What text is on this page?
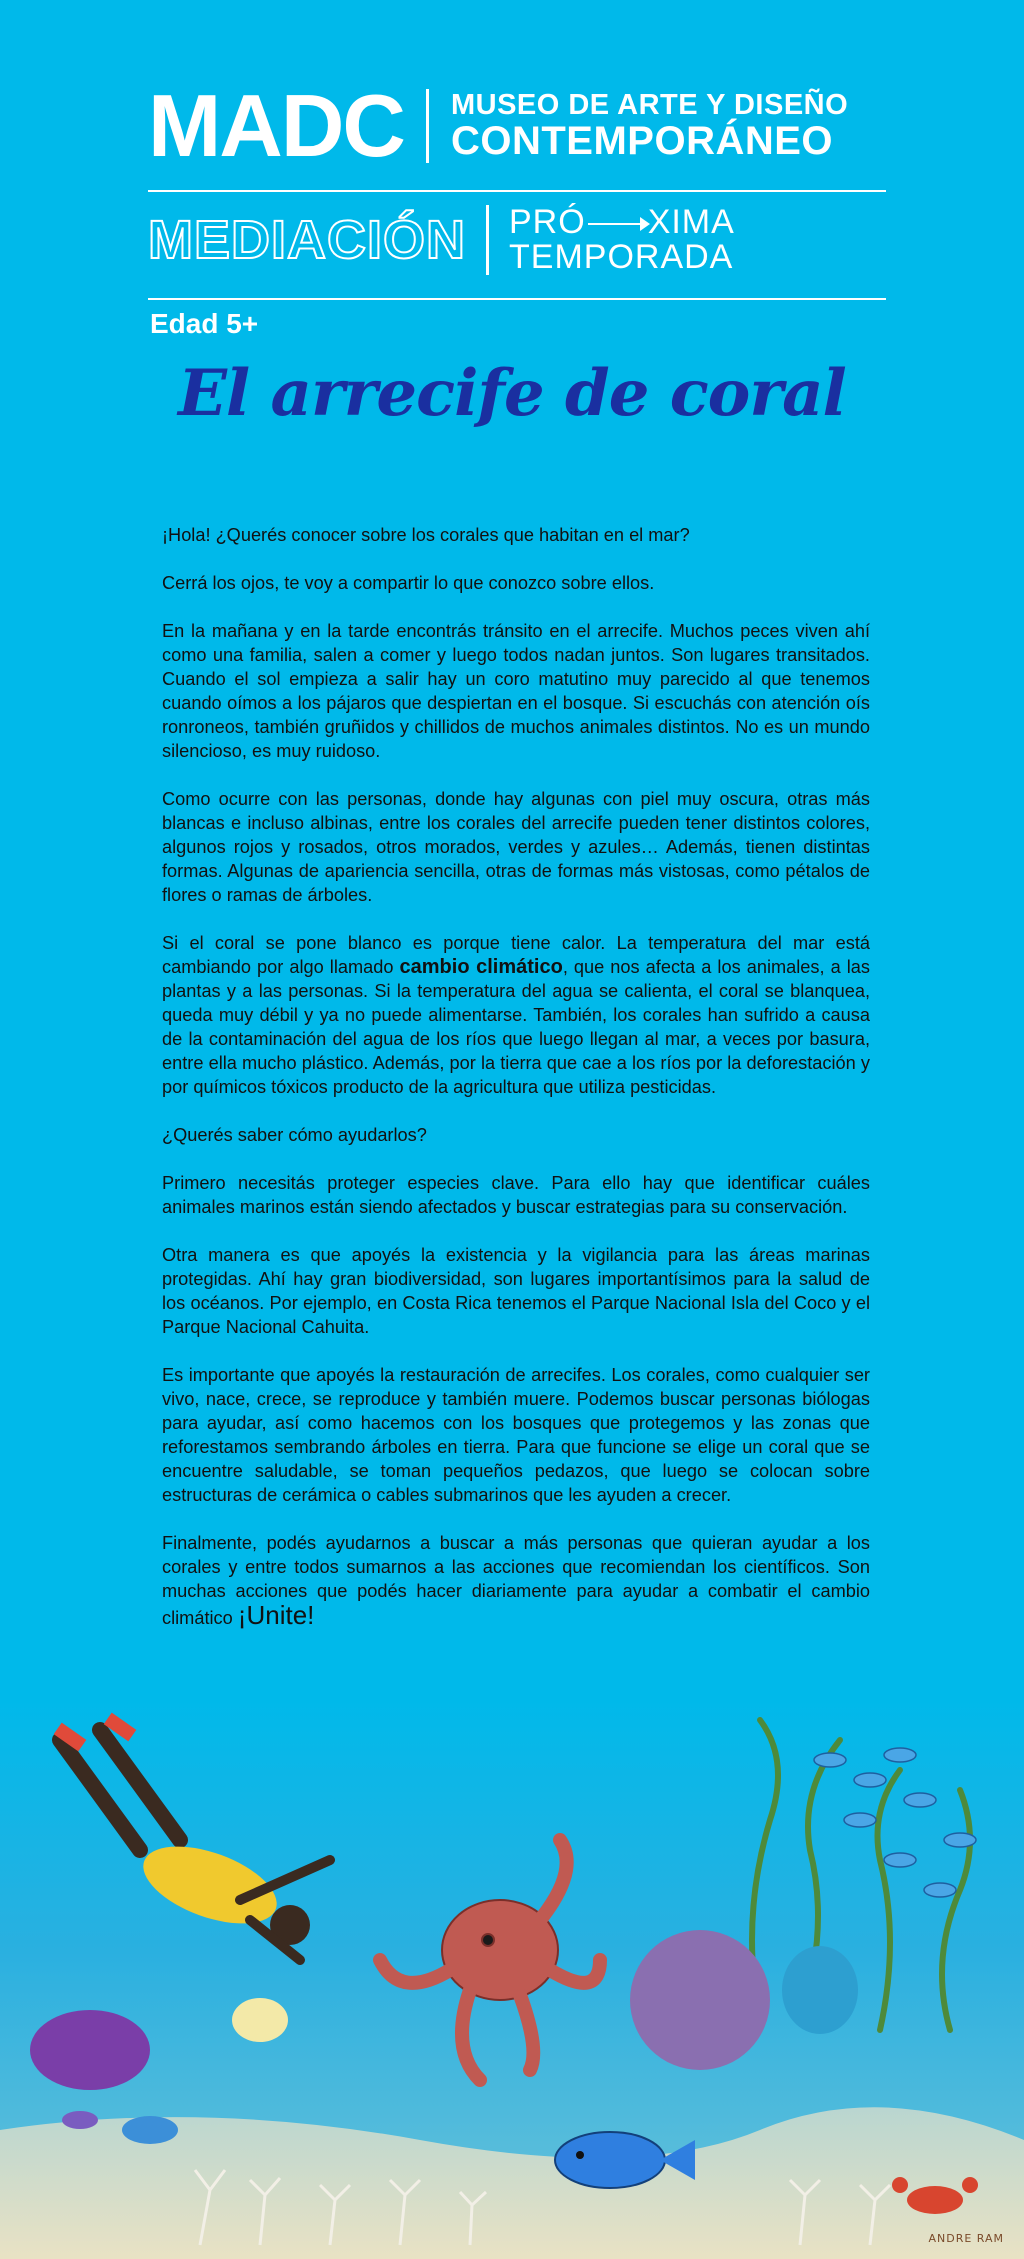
MADC MUSEO DE ARTE Y DISEÑO
CONTEMPORÁNEO
MEDIACIÓN PRÓ XIMA
TEMPORADA
Edad 5+
El arrecife de coral

¡Hola! ¿Querés conocer sobre los corales que habitan en el mar?

Cerrá los ojos, te voy a compartir lo que conozco sobre ellos.

En la mañana y en la tarde encontrás tránsito en el arrecife. Muchos peces viven ahí como una familia, salen a comer y luego todos nadan juntos. Son lugares transitados. Cuando el sol empieza a salir hay un coro matutino muy parecido al que tenemos cuando oímos a los pájaros que despiertan en el bosque. Si escuchás con atención oís ronroneos, también gruñidos y chillidos de muchos animales distintos. No es un mundo silencioso, es muy ruidoso.

Como ocurre con las personas, donde hay algunas con piel muy oscura, otras más blancas e incluso albinas, entre los corales del arrecife pueden tener distintos colores, algunos rojos y rosados, otros morados, verdes y azules… Además, tienen distintas formas. Algunas de apariencia sencilla, otras de formas más vistosas, como pétalos de flores o ramas de árboles.

Si el coral se pone blanco es porque tiene calor. La temperatura del mar está cambiando por algo llamado cambio climático, que nos afecta a los animales, a las plantas y a las personas. Si la temperatura del agua se calienta, el coral se blanquea, queda muy débil y ya no puede alimentarse. También, los corales han sufrido a causa de la contaminación del agua de los ríos que luego llegan al mar, a veces por basura, entre ella mucho plástico. Además, por la tierra que cae a los ríos por la deforestación y por químicos tóxicos producto de la agricultura que utiliza pesticidas.

¿Querés saber cómo ayudarlos?

Primero necesitás proteger especies clave. Para ello hay que identificar cuáles animales marinos están siendo afectados y buscar estrategias para su conservación.

Otra manera es que apoyés la existencia y la vigilancia para las áreas marinas protegidas. Ahí hay gran biodiversidad, son lugares importantísimos para la salud de los océanos. Por ejemplo, en Costa Rica tenemos el Parque Nacional Isla del Coco y el Parque Nacional Cahuita.

Es importante que apoyés la restauración de arrecifes. Los corales, como cualquier ser vivo, nace, crece, se reproduce y también muere. Podemos buscar personas biólogas para ayudar, así como hacemos con los bosques que protegemos y las zonas que reforestamos sembrando árboles en tierra. Para que funcione se elige un coral que se encuentre saludable, se toman pequeños pedazos, que luego se colocan sobre estructuras de cerámica o cables submarinos que les ayuden a crecer.

Finalmente, podés ayudarnos a buscar a más personas que quieran ayudar a los corales y entre todos sumarnos a las acciones que recomiendan los científicos. Son muchas acciones que podés hacer diariamente para ayudar a combatir el cambio climático ¡Unite!

ANDRE RAM
